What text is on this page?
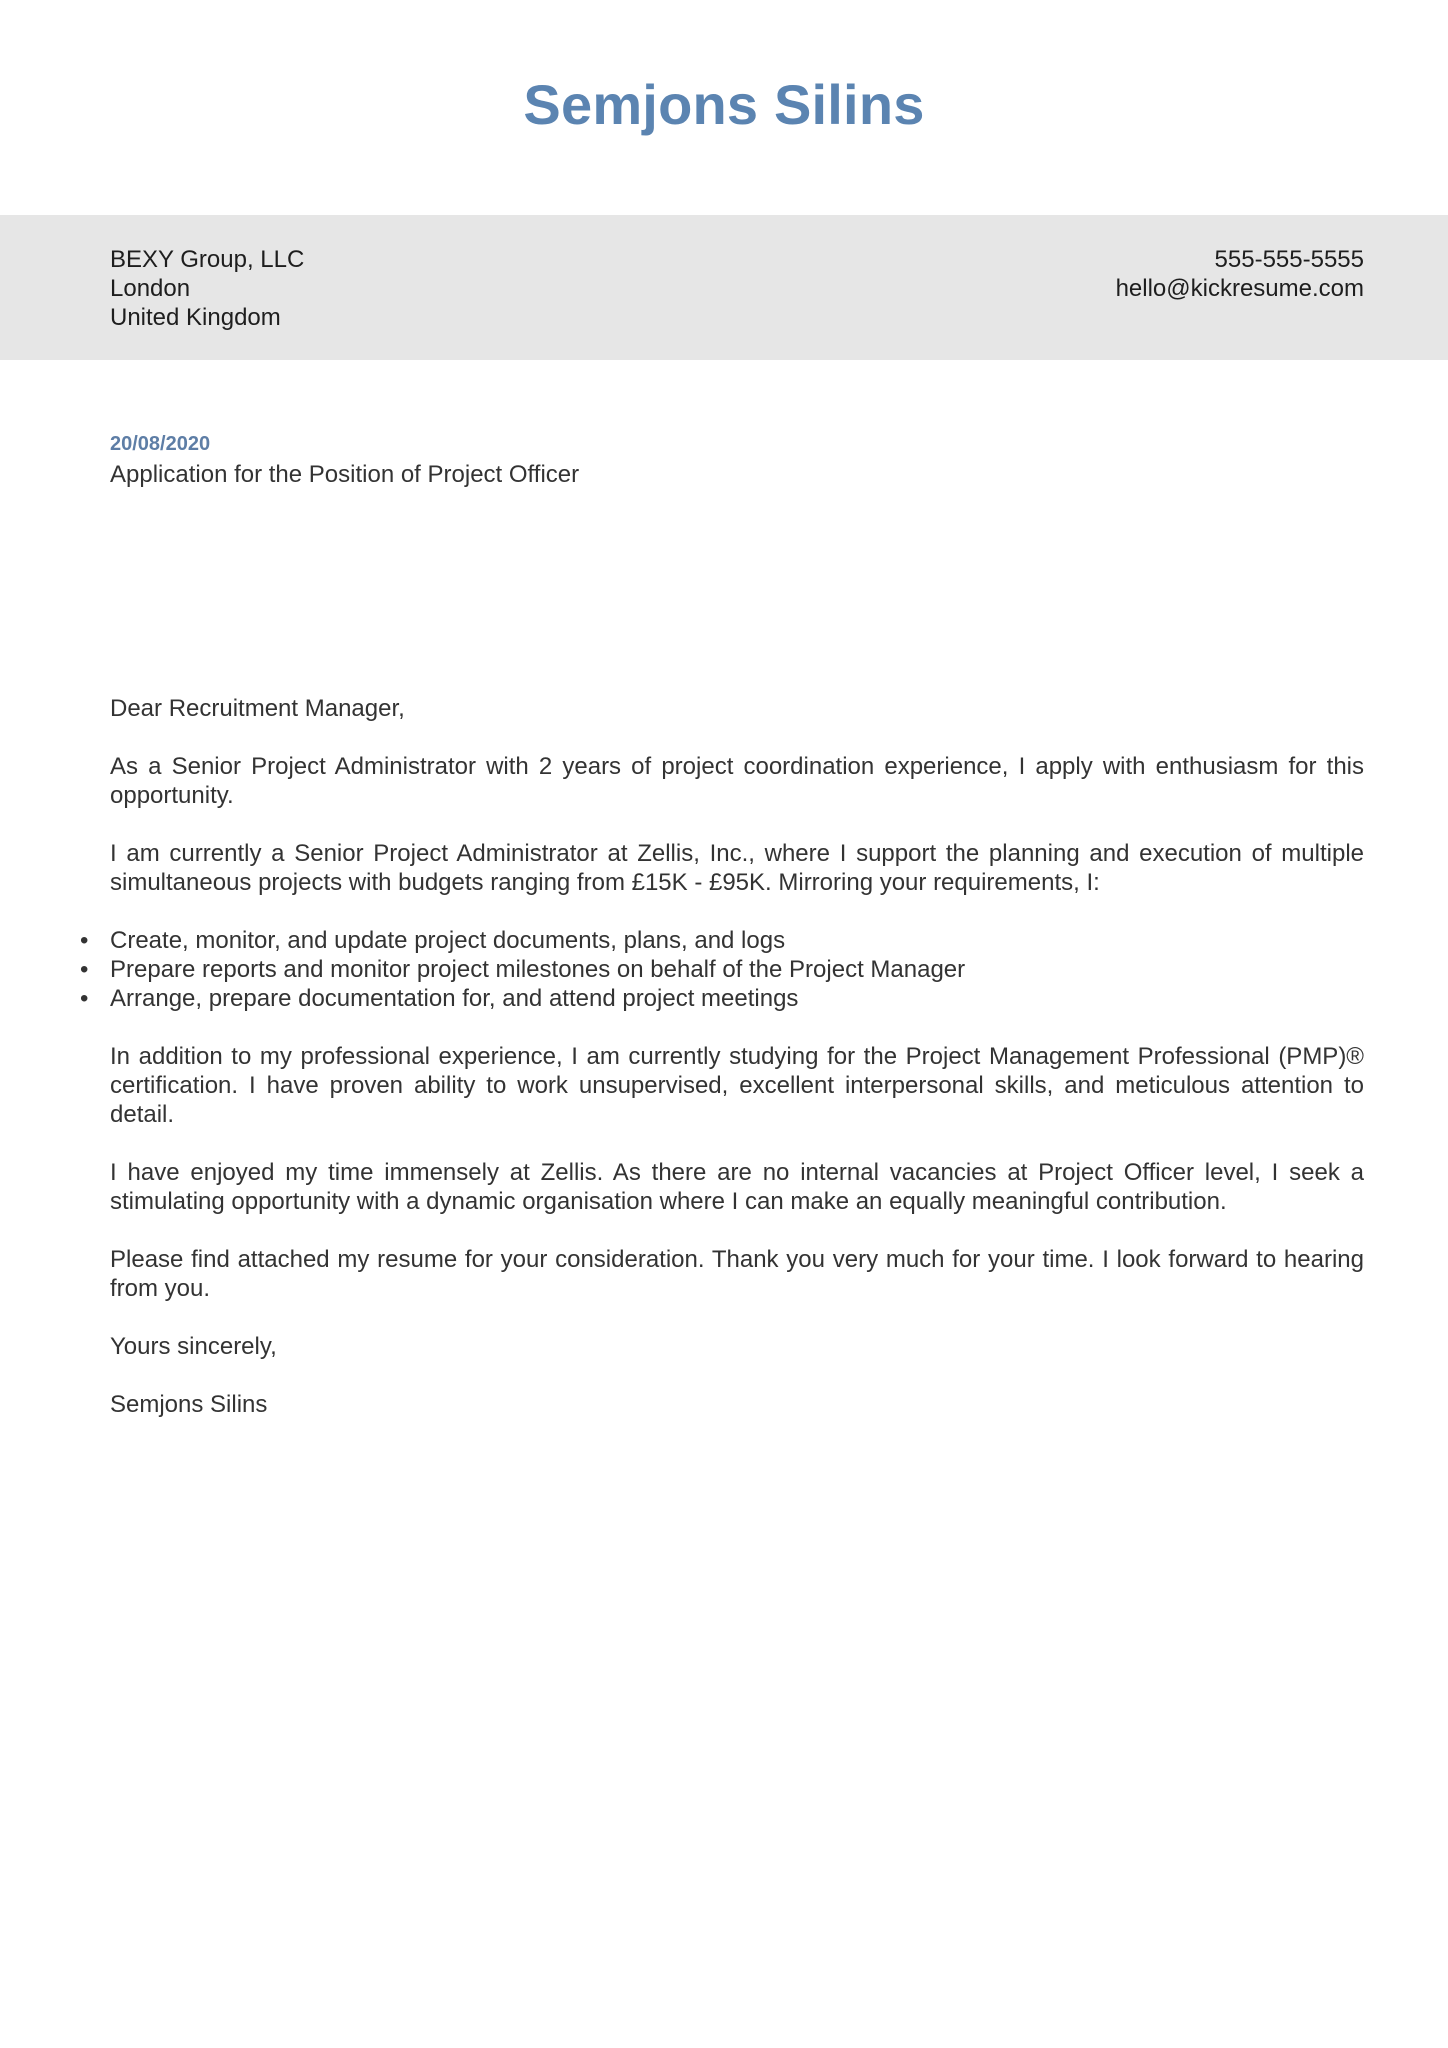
Semjons Silins
BEXY Group, LLC
London
United Kingdom
555-555-5555
hello@kickresume.com
20/08/2020
Application for the Position of Project Officer

Dear Recruitment Manager,

As a Senior Project Administrator with 2 years of project coordination experience, I apply with enthusiasm for this opportunity.

I am currently a Senior Project Administrator at Zellis, Inc., where I support the planning and execution of multiple simultaneous projects with budgets ranging from £15K - £95K. Mirroring your requirements, I:

• Create, monitor, and update project documents, plans, and logs
• Prepare reports and monitor project milestones on behalf of the Project Manager
• Arrange, prepare documentation for, and attend project meetings

In addition to my professional experience, I am currently studying for the Project Management Professional (PMP)® certification. I have proven ability to work unsupervised, excellent interpersonal skills, and meticulous attention to detail.

I have enjoyed my time immensely at Zellis. As there are no internal vacancies at Project Officer level, I seek a stimulating opportunity with a dynamic organisation where I can make an equally meaningful contribution.

Please find attached my resume for your consideration. Thank you very much for your time. I look forward to hearing from you.

Yours sincerely,

Semjons Silins
